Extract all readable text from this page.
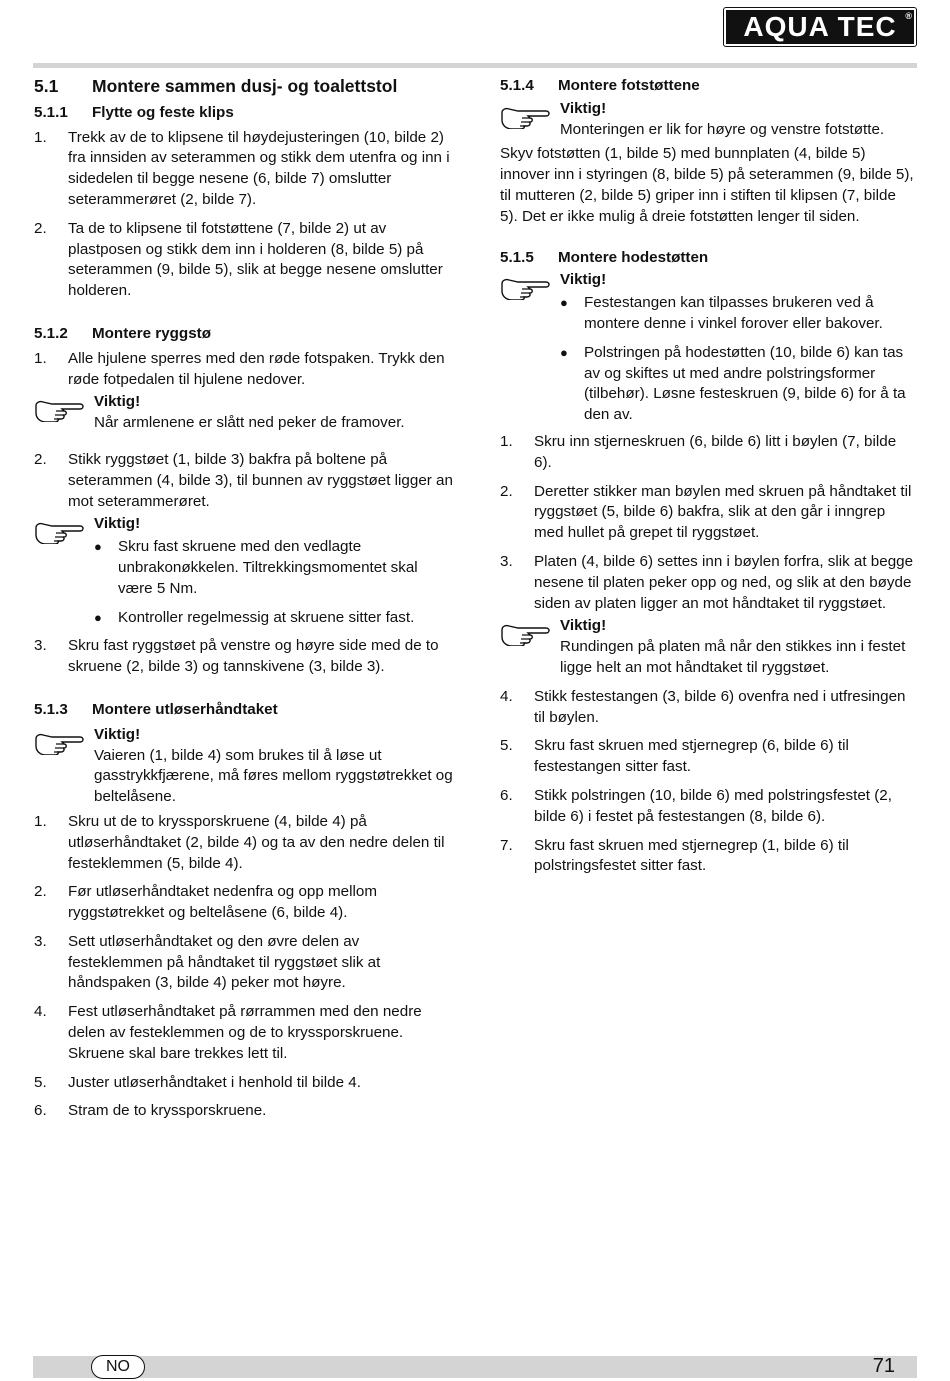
AQUA TEC ®
5.1	Montere sammen dusj- og toalettstol
5.1.1	Flytte og feste klips
1.	Trekk av de to klipsene til høydejusteringen (10, bilde 2) fra innsiden av seterammen og stikk dem utenfra og inn i sidedelen til begge nesene (6, bilde 7) omslutter seterammerøret (2, bilde 7).
2.	Ta de to klipsene til fotstøttene (7, bilde 2) ut av plastposen og stikk dem inn i holderen (8, bilde 5) på seterammen (9, bilde 5), slik at begge nesene omslutter holderen.
5.1.2	Montere ryggstø
1.	Alle hjulene sperres med den røde fotspaken. Trykk den røde fotpedalen til hjulene nedover.
Viktig!
Når armlenene er slått ned peker de framover.
2.	Stikk ryggstøet (1, bilde 3) bakfra på boltene på seterammen (4, bilde 3), til bunnen av ryggstøet ligger an mot seterammerøret.
Viktig!
●	Skru fast skruene med den vedlagte unbrakonøkkelen. Tiltrekkingsmomentet skal være 5 Nm.
●	Kontroller regelmessig at skruene sitter fast.
3.	Skru fast ryggstøet på venstre og høyre side med de to skruene (2, bilde 3) og tannskivene (3, bilde 3).
5.1.3	Montere utløserhåndtaket
Viktig!
Vaieren (1, bilde 4) som brukes til å løse ut gasstrykkfjærene, må føres mellom ryggstøtrekket og beltelåsene.
1.	Skru ut de to kryssporskruene (4, bilde 4) på utløserhåndtaket (2, bilde 4) og ta av den nedre delen til festeklemmen (5, bilde 4).
2.	Før utløserhåndtaket nedenfra og opp mellom ryggstøtrekket og beltelåsene (6, bilde 4).
3.	Sett utløserhåndtaket og den øvre delen av festeklemmen på håndtaket til ryggstøet slik at håndspaken (3, bilde 4) peker mot høyre.
4.	Fest utløserhåndtaket på rørrammen med den nedre delen av festeklemmen og de to kryssporskruene. Skruene skal bare trekkes lett til.
5.	Juster utløserhåndtaket i henhold til bilde 4.
6.	Stram de to kryssporskruene.
5.1.4	Montere fotstøttene
Viktig!
Monteringen er lik for høyre og venstre fotstøtte.
Skyv fotstøtten (1, bilde 5) med bunnplaten (4, bilde 5) innover inn i styringen (8, bilde 5) på seterammen (9, bilde 5), til mutteren (2, bilde 5) griper inn i stiften til klipsen (7, bilde 5). Det er ikke mulig å dreie fotstøtten lenger til siden.
5.1.5	Montere hodestøtten
Viktig!
●	Festestangen kan tilpasses brukeren ved å montere denne i vinkel forover eller bakover.
●	Polstringen på hodestøtten (10, bilde 6) kan tas av og skiftes ut med andre polstringsformer (tilbehør). Løsne festeskruen (9, bilde 6) for å ta den av.
1.	Skru inn stjerneskruen (6, bilde 6) litt i bøylen (7, bilde 6).
2.	Deretter stikker man bøylen med skruen på håndtaket til ryggstøet (5, bilde 6) bakfra, slik at den går i inngrep med hullet på grepet til ryggstøet.
3.	Platen (4, bilde 6) settes inn i bøylen forfra, slik at begge nesene til platen peker opp og ned, og slik at den bøyde siden av platen ligger an mot håndtaket til ryggstøet.
Viktig!
Rundingen på platen må når den stikkes inn i festet ligge helt an mot håndtaket til ryggstøet.
4.	Stikk festestangen (3, bilde 6) ovenfra ned i utfresingen til bøylen.
5.	Skru fast skruen med stjernegrep (6, bilde 6) til festestangen sitter fast.
6.	Stikk polstringen (10, bilde 6) med polstringsfestet (2, bilde 6) i festet på festestangen (8, bilde 6).
7.	Skru fast skruen med stjernegrep (1, bilde 6) til polstringsfestet sitter fast.
NO	71
